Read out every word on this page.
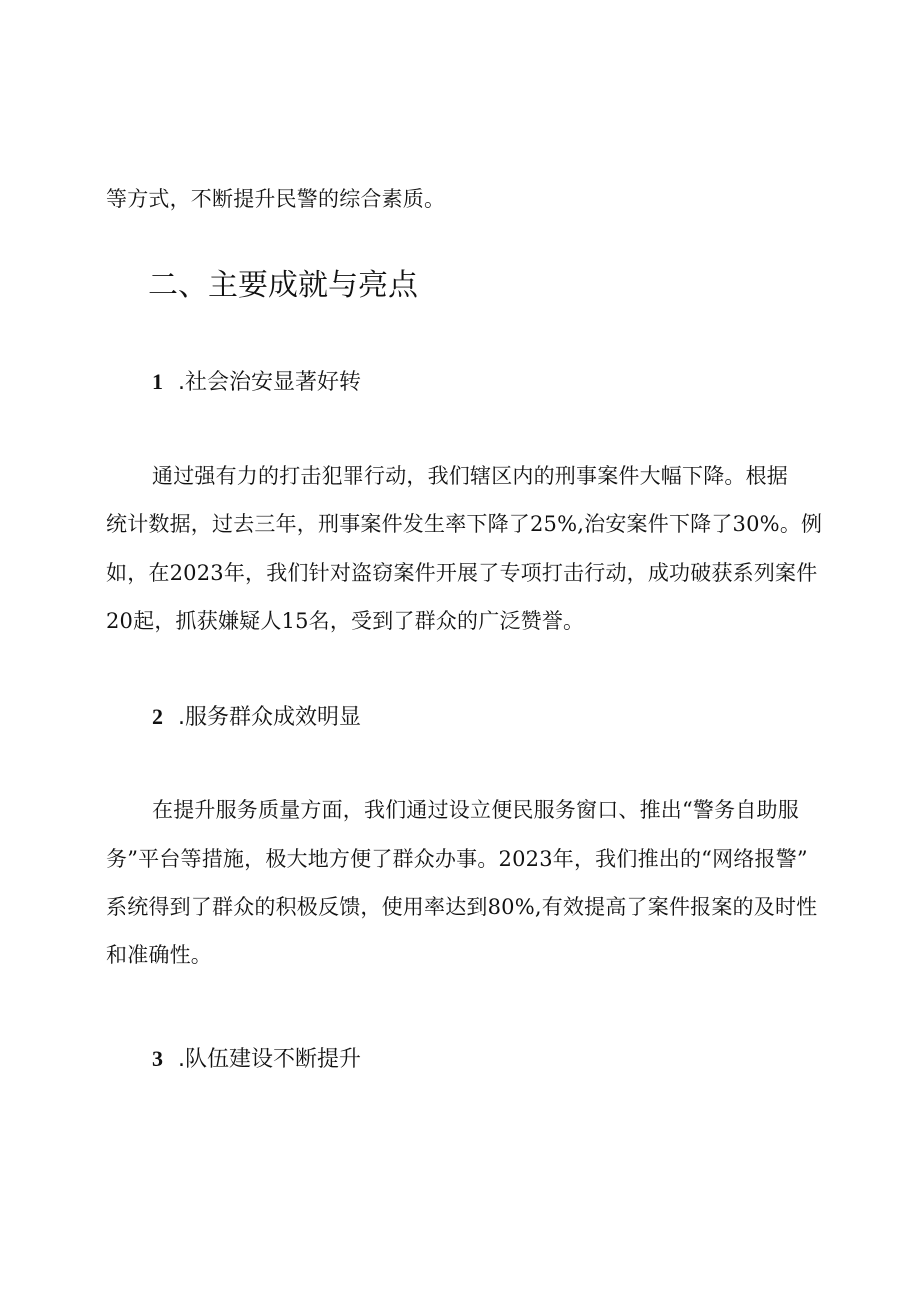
等方式，不断提升民警的综合素质。
二、主要成就与亮点
1 .社会治安显著好转
通过强有力的打击犯罪行动，我们辖区内的刑事案件大幅下降。根据
统计数据，过去三年，刑事案件发生率下降了25%,治安案件下降了30%。例
如，在2023年，我们针对盗窃案件开展了专项打击行动，成功破获系列案件
20起，抓获嫌疑人15名，受到了群众的广泛赞誉。
2 .服务群众成效明显
在提升服务质量方面，我们通过设立便民服务窗口、推出“警务自助服
务”平台等措施，极大地方便了群众办事。2023年，我们推出的“网络报警”
系统得到了群众的积极反馈，使用率达到80%,有效提高了案件报案的及时性
和准确性。
3 .队伍建设不断提升
